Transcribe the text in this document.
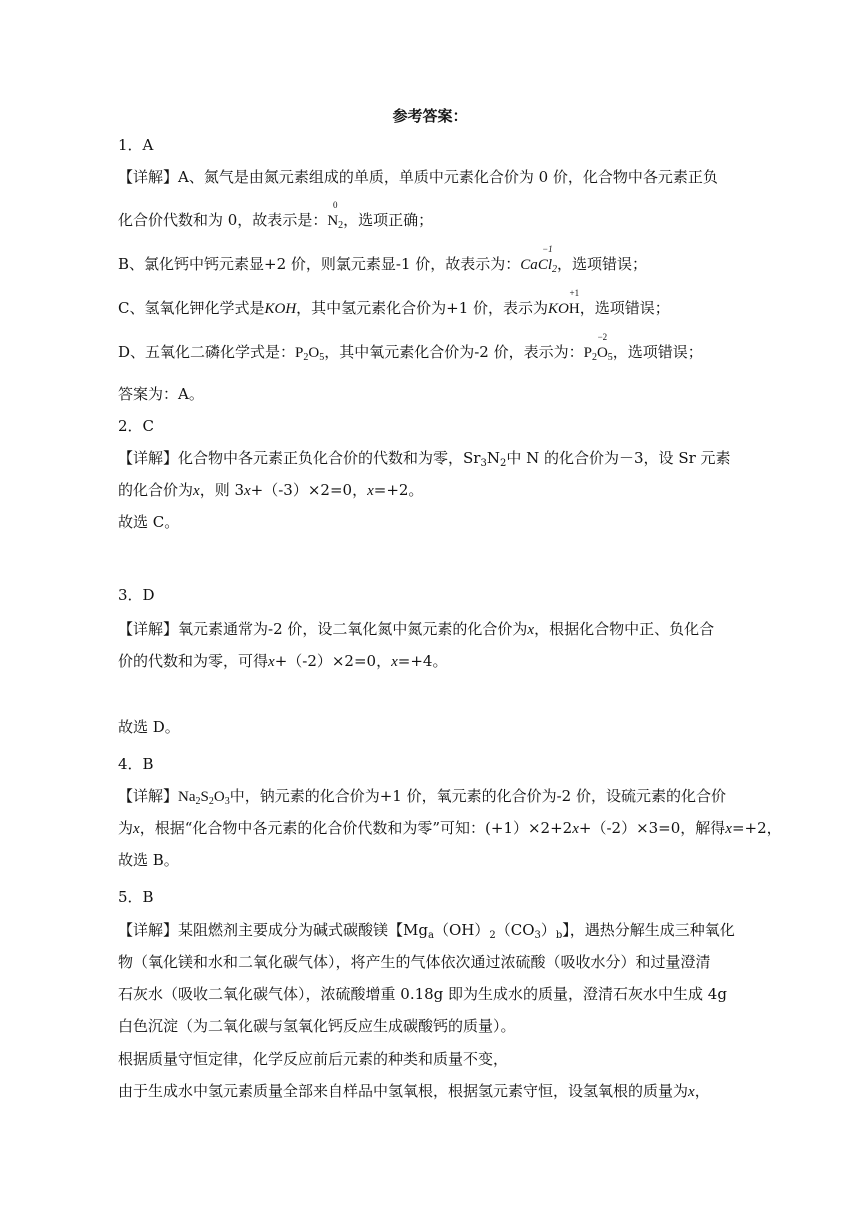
参考答案：
1．A
【详解】A、氮气是由氮元素组成的单质，单质中元素化合价为 0 价，化合物中各元素正负
化合价代数和为 0，故表示是：
0
$N_2$，选项正确；
B、氯化钙中钙元素显+2 价，则氯元素显-1 价，故表示为：Ca
−1
$Cl_2$，选项错误；
C、氢氧化钾化学式是KOH，其中氢元素化合价为+1 价，表示为KO
+1
H，选项错误；
D、五氧化二磷化学式是：$P_2O_5$，其中氧元素化合价为-2 价，表示为：$P_2$
−2
$O_5$，选项错误；
答案为：A。
2．C
【详解】化合物中各元素正负化合价的代数和为零，$Sr_3N_2$中 N 的化合价为－3，设 Sr 元素
的化合价为x，则 3x+（-3）×2=0，x=+2。
故选 C。
3．D
【详解】氧元素通常为-2 价，设二氧化氮中氮元素的化合价为x，根据化合物中正、负化合
价的代数和为零，可得x+（-2）×2=0，x=+4。
故选 D。
4．B
【详解】$Na_2S_2O_3$中，钠元素的化合价为+1 价，氧元素的化合价为-2 价，设硫元素的化合价
为x，根据“化合物中各元素的化合价代数和为零”可知：(+1）×2+2x+（-2）×3=0，解得x=+2，
故选 B。
5．B
【详解】某阻燃剂主要成分为碱式碳酸镁【$Mg_a(OH)_2(CO_3)_b$】，遇热分解生成三种氧化
物（氧化镁和水和二氧化碳气体），将产生的气体依次通过浓硫酸（吸收水分）和过量澄清
石灰水（吸收二氧化碳气体），浓硫酸增重 0.18g 即为生成水的质量，澄清石灰水中生成 4g
白色沉淀（为二氧化碳与氢氧化钙反应生成碳酸钙的质量）。
根据质量守恒定律，化学反应前后元素的种类和质量不变，
由于生成水中氢元素质量全部来自样品中氢氧根，根据氢元素守恒，设氢氧根的质量为x，
